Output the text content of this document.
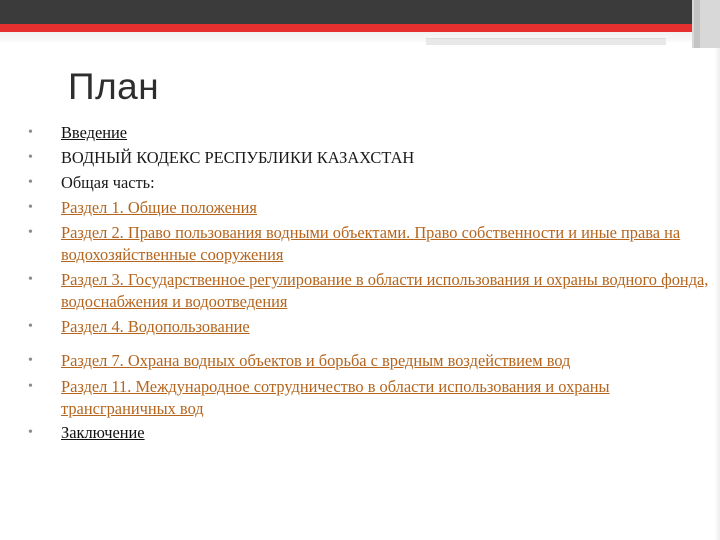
План
• Введение
• ВОДНЫЙ КОДЕКС РЕСПУБЛИКИ КАЗАХСТАН
• Общая часть:
• Раздел 1. Общие положения
• Раздел 2. Право пользования водными объектами. Право собственности и иные права на водохозяйственные сооружения
• Раздел 3. Государственное регулирование в области использования и охраны водного фонда, водоснабжения и водоотведения
• Раздел 4. Водопользование
• Раздел 7. Охрана водных объектов и борьба с вредным воздействием вод
• Раздел 11. Международное сотрудничество в области использования и охраны трансграничных вод
• Заключение
